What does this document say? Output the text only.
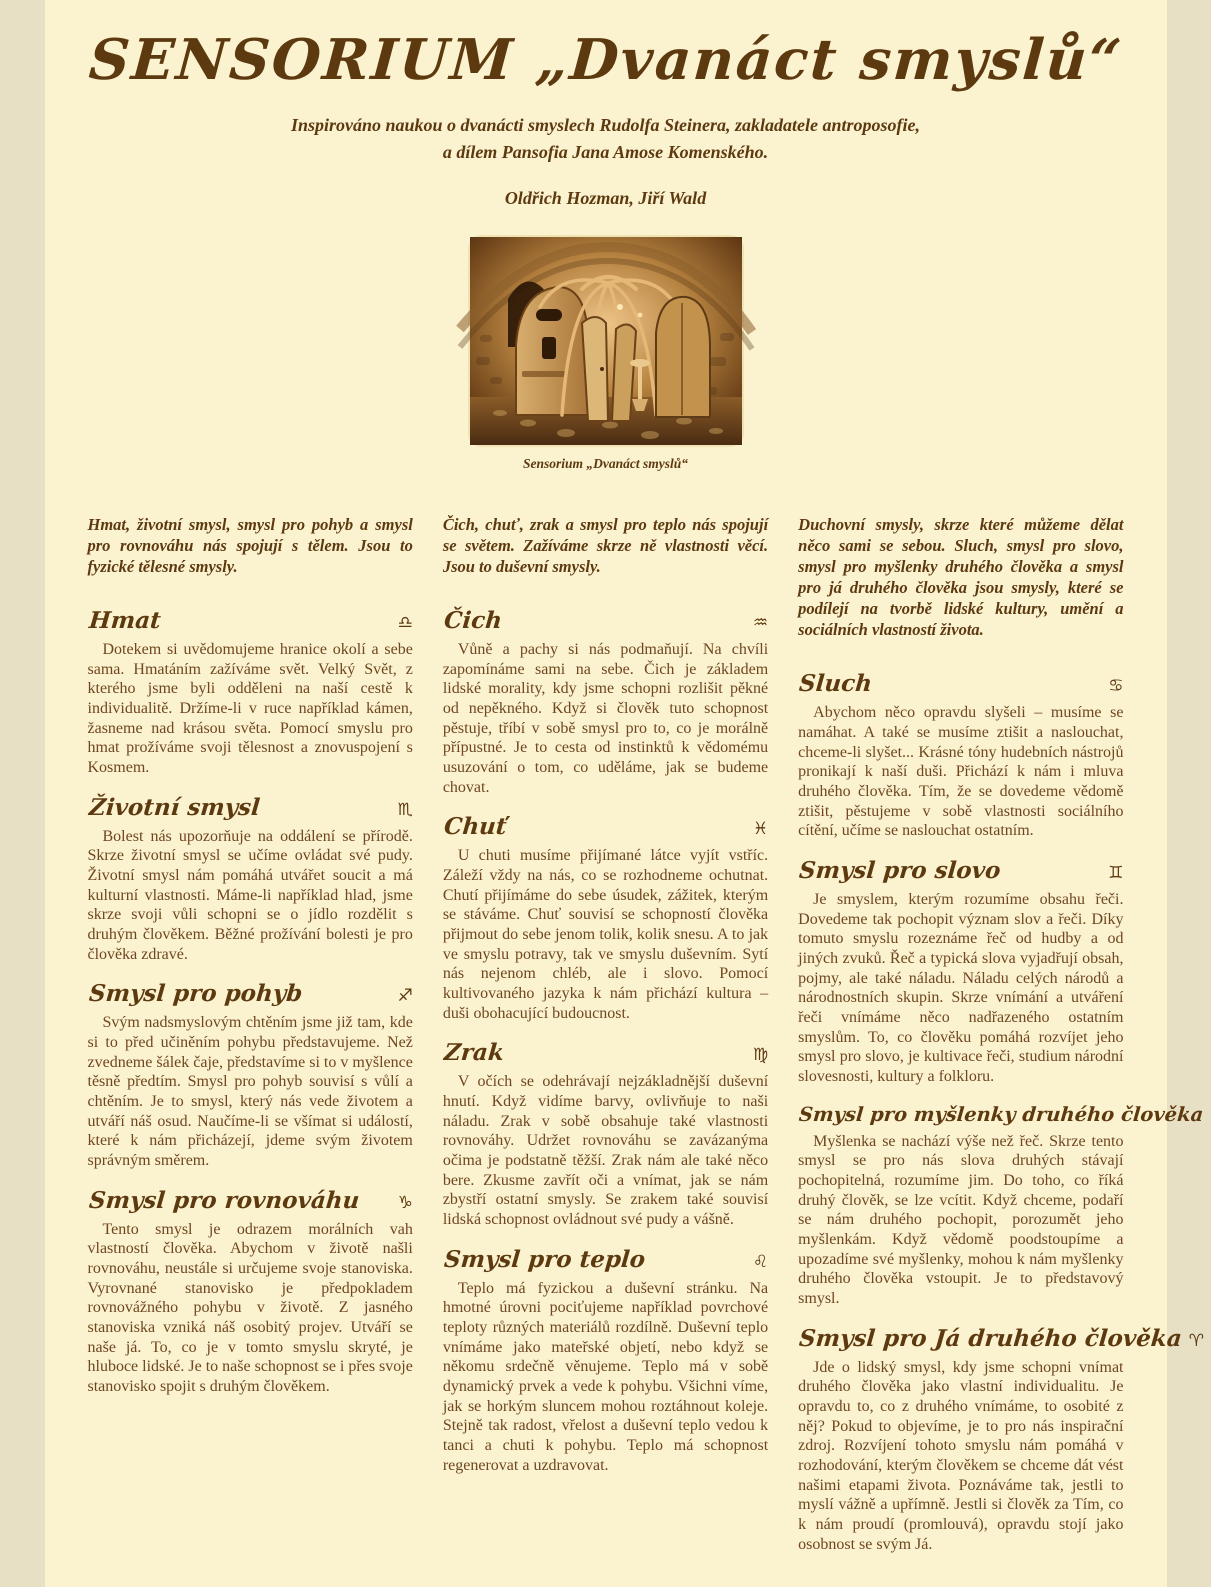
SENSORIUM „Dvanáct smyslů“

Inspirováno naukou o dvanácti smyslech Rudolfa Steinera, zakladatele antroposofie,
a dílem Pansofia Jana Amose Komenského.

Oldřich Hozman, Jiří Wald

Sensorium „Dvanáct smyslů“

Hmat, životní smysl, smysl pro pohyb a smysl pro rovnováhu nás spojují s tělem. Jsou to fyzické tělesné smysly.

Hmat	♎

Dotekem si uvědomujeme hranice okolí a sebe sama. Hmatáním zažíváme svět. Velký Svět, z kterého jsme byli odděleni na naší cestě k individualitě. Držíme-li v ruce například kámen, žasneme nad krásou světa. Pomocí smyslu pro hmat prožíváme svoji tělesnost a znovuspojení s Kosmem.

Životní smysl	♏

Bolest nás upozorňuje na oddálení se přírodě. Skrze životní smysl se učíme ovládat své pudy. Životní smysl nám pomáhá utvářet soucit a má kulturní vlastnosti. Máme-li například hlad, jsme skrze svoji vůli schopni se o jídlo rozdělit s druhým člověkem. Běžné prožívání bolesti je pro člověka zdravé.

Smysl pro pohyb	♐

Svým nadsmyslovým chtěním jsme již tam, kde si to před učiněním pohybu představujeme. Než zvedneme šálek čaje, představíme si to v myšlence těsně předtím. Smysl pro pohyb souvisí s vůlí a chtěním. Je to smysl, který nás vede životem a utváří náš osud. Naučíme-li se všímat si událostí, které k nám přicházejí, jdeme svým životem správným směrem.

Smysl pro rovnováhu	♑

Tento smysl je odrazem morálních vah vlastností člověka. Abychom v životě našli rovnováhu, neustále si určujeme svoje stanoviska. Vyrovnané stanovisko je předpokladem rovnovážného pohybu v životě. Z jasného stanoviska vzniká náš osobitý projev. Utváří se naše já. To, co je v tomto smyslu skryté, je hluboce lidské. Je to naše schopnost se i přes svoje stanovisko spojit s druhým člověkem.

Čich, chuť, zrak a smysl pro teplo nás spojují se světem. Zažíváme skrze ně vlastnosti věcí. Jsou to duševní smysly.

Čich	♒

Vůně a pachy si nás podmaňují. Na chvíli zapomínáme sami na sebe. Čich je základem lidské morality, kdy jsme schopni rozlišit pěkné od nepěkného. Když si člověk tuto schopnost pěstuje, tříbí v sobě smysl pro to, co je morálně přípustné. Je to cesta od instinktů k vědomému usuzování o tom, co uděláme, jak se budeme chovat.

Chuť	♓

U chuti musíme přijímané látce vyjít vstříc. Záleží vždy na nás, co se rozhodneme ochutnat. Chutí přijímáme do sebe úsudek, zážitek, kterým se stáváme. Chuť souvisí se schopností člověka přijmout do sebe jenom tolik, kolik snesu. A to jak ve smyslu potravy, tak ve smyslu duševním. Sytí nás nejenom chléb, ale i slovo. Pomocí kultivovaného jazyka k nám přichází kultura – duši obohacující budoucnost.

Zrak	♍

V očích se odehrávají nejzákladnější duševní hnutí. Když vidíme barvy, ovlivňuje to naši náladu. Zrak v sobě obsahuje také vlastnosti rovnováhy. Udržet rovnováhu se zavázanýma očima je podstatně těžší. Zrak nám ale také něco bere. Zkusme zavřít oči a vnímat, jak se nám zbystří ostatní smysly. Se zrakem také souvisí lidská schopnost ovládnout své pudy a vášně.

Smysl pro teplo	♌

Teplo má fyzickou a duševní stránku. Na hmotné úrovni pociťujeme například povrchové teploty různých materiálů rozdílně. Duševní teplo vnímáme jako mateřské objetí, nebo když se někomu srdečně věnujeme. Teplo má v sobě dynamický prvek a vede k pohybu. Všichni víme, jak se horkým sluncem mohou roztáhnout koleje. Stejně tak radost, vřelost a duševní teplo vedou k tanci a chuti k pohybu. Teplo má schopnost regenerovat a uzdravovat.

Duchovní smysly, skrze které můžeme dělat něco sami se sebou. Sluch, smysl pro slovo, smysl pro myšlenky druhého člověka a smysl pro já druhého člověka jsou smysly, které se podílejí na tvorbě lidské kultury, umění a sociálních vlastností života.

Sluch	♋

Abychom něco opravdu slyšeli – musíme se namáhat. A také se musíme ztišit a naslouchat, chceme-li slyšet... Krásné tóny hudebních nástrojů pronikají k naší duši. Přichází k nám i mluva druhého člověka. Tím, že se dovedeme vědomě ztišit, pěstujeme v sobě vlastnosti sociálního cítění, učíme se naslouchat ostatním.

Smysl pro slovo	♊

Je smyslem, kterým rozumíme obsahu řeči. Dovedeme tak pochopit význam slov a řeči. Díky tomuto smyslu rozeznáme řeč od hudby a od jiných zvuků. Řeč a typická slova vyjadřují obsah, pojmy, ale také náladu. Náladu celých národů a národnostních skupin. Skrze vnímání a utváření řeči vnímáme něco nadřazeného ostatním smyslům. To, co člověku pomáhá rozvíjet jeho smysl pro slovo, je kultivace řeči, studium národní slovesnosti, kultury a folkloru.

Smysl pro myšlenky druhého člověka

Myšlenka se nachází výše než řeč. Skrze tento smysl se pro nás slova druhých stávají pochopitelná, rozumíme jim. Do toho, co říká druhý člověk, se lze vcítit. Když chceme, podaří se nám druhého pochopit, porozumět jeho myšlenkám. Když vědomě poodstoupíme a upozadíme své myšlenky, mohou k nám myšlenky druhého člověka vstoupit. Je to představový smysl.

Smysl pro Já druhého člověka ♈

Jde o lidský smysl, kdy jsme schopni vnímat druhého člověka jako vlastní individualitu. Je opravdu to, co z druhého vnímáme, to osobité z něj? Pokud to objevíme, je to pro nás inspirační zdroj. Rozvíjení tohoto smyslu nám pomáhá v rozhodování, kterým člověkem se chceme dát vést našimi etapami života. Poznáváme tak, jestli to myslí vážně a upřímně. Jestli si člověk za Tím, co k nám proudí (promlouvá), opravdu stojí jako osobnost se svým Já.
